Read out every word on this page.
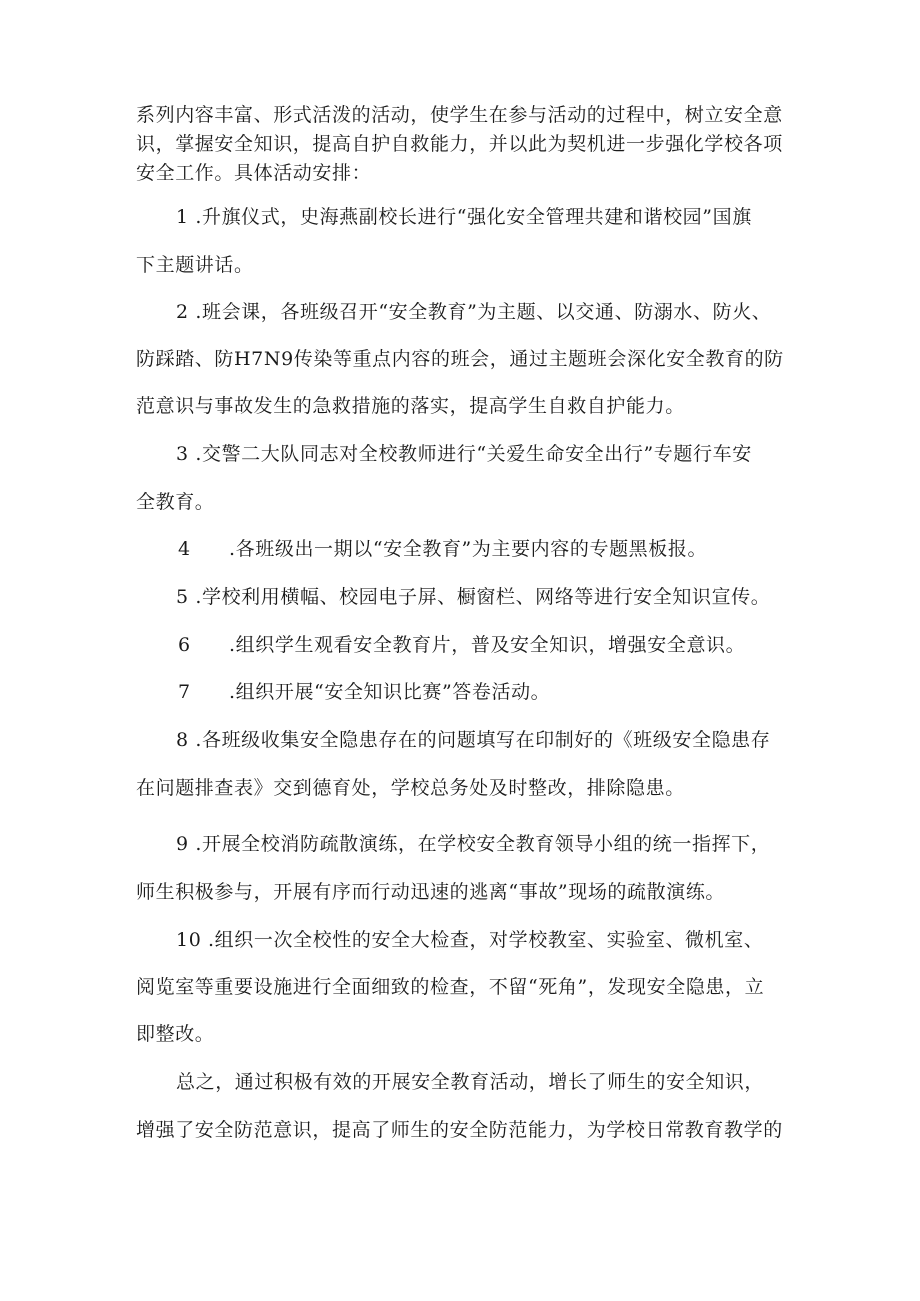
系列内容丰富、形式活泼的活动，使学生在参与活动的过程中，树立安全意
识，掌握安全知识，提高自护自救能力，并以此为契机进一步强化学校各项
安全工作。具体活动安排：
1 .升旗仪式，史海燕副校长进行“强化安全管理共建和谐校园”国旗
下主题讲话。
2 .班会课，各班级召开“安全教育”为主题、以交通、防溺水、防火、
防踩踏、防H7N9传染等重点内容的班会，通过主题班会深化安全教育的防
范意识与事故发生的急救措施的落实，提高学生自救自护能力。
3 .交警二大队同志对全校教师进行“关爱生命安全出行”专题行车安
全教育。
4 .各班级出一期以“安全教育”为主要内容的专题黑板报。
5 .学校利用横幅、校园电子屏、橱窗栏、网络等进行安全知识宣传。
6 .组织学生观看安全教育片，普及安全知识，增强安全意识。
7 .组织开展“安全知识比赛”答卷活动。
8 .各班级收集安全隐患存在的问题填写在印制好的《班级安全隐患存
在问题排查表》交到德育处，学校总务处及时整改，排除隐患。
9 .开展全校消防疏散演练，在学校安全教育领导小组的统一指挥下，
师生积极参与，开展有序而行动迅速的逃离“事故”现场的疏散演练。
10 .组织一次全校性的安全大检查，对学校教室、实验室、微机室、
阅览室等重要设施进行全面细致的检查，不留“死角”，发现安全隐患，立
即整改。
总之，通过积极有效的开展安全教育活动，增长了师生的安全知识，
增强了安全防范意识，提高了师生的安全防范能力，为学校日常教育教学的
